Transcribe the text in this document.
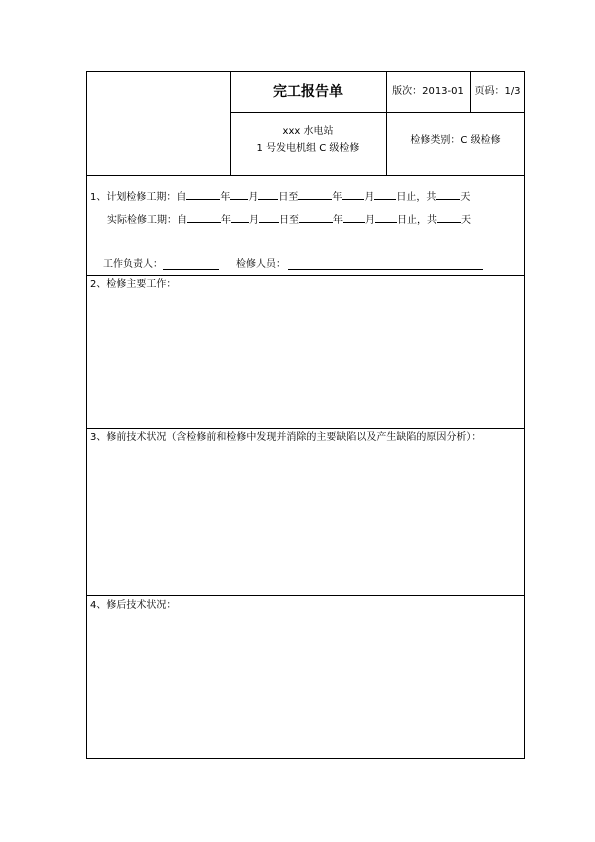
完工报告单	版次：2013-01	页码：1/3
xxx 水电站
1 号发电机组 C 级检修
检修类别：C 级检修
1、计划检修工期：自	年 月 日至	年 月 日止，共 天
实际检修工期：自	年 月 日至	年 月 日止，共 天
工作负责人：	检修人员：
2、检修主要工作：
3、修前技术状况（含检修前和检修中发现并消除的主要缺陷以及产生缺陷的原因分析）：
4、修后技术状况：
